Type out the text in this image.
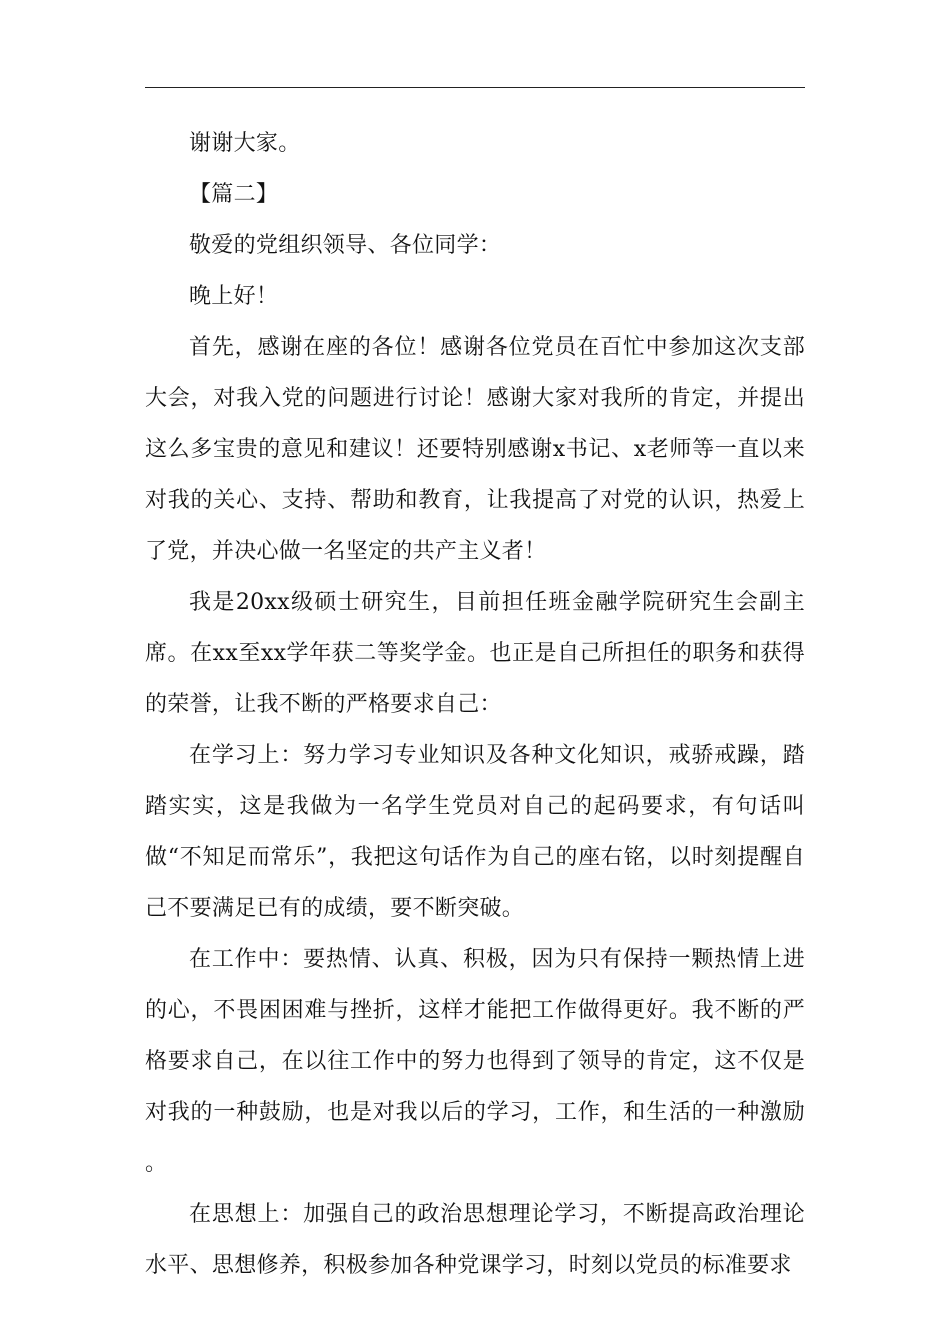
谢谢大家。

【篇二】

敬爱的党组织领导、各位同学：

晚上好！

首先，感谢在座的各位！感谢各位党员在百忙中参加这次支部大会，对我入党的问题进行讨论！感谢大家对我所的肯定，并提出这么多宝贵的意见和建议！还要特别感谢x书记、x老师等一直以来对我的关心、支持、帮助和教育，让我提高了对党的认识，热爱上了党，并决心做一名坚定的共产主义者！

我是20xx级硕士研究生，目前担任班金融学院研究生会副主席。在xx至xx学年获二等奖学金。也正是自己所担任的职务和获得的荣誉，让我不断的严格要求自己：

在学习上：努力学习专业知识及各种文化知识，戒骄戒躁，踏踏实实，这是我做为一名学生党员对自己的起码要求，有句话叫做“不知足而常乐”，我把这句话作为自己的座右铭，以时刻提醒自己不要满足已有的成绩，要不断突破。

在工作中：要热情、认真、积极，因为只有保持一颗热情上进的心，不畏困困难与挫折，这样才能把工作做得更好。我不断的严格要求自己，在以往工作中的努力也得到了领导的肯定，这不仅是对我的一种鼓励，也是对我以后的学习，工作，和生活的一种激励 。

在思想上：加强自己的政治思想理论学习，不断提高政治理论水平、思想修养，积极参加各种党课学习，时刻以党员的标准要求
